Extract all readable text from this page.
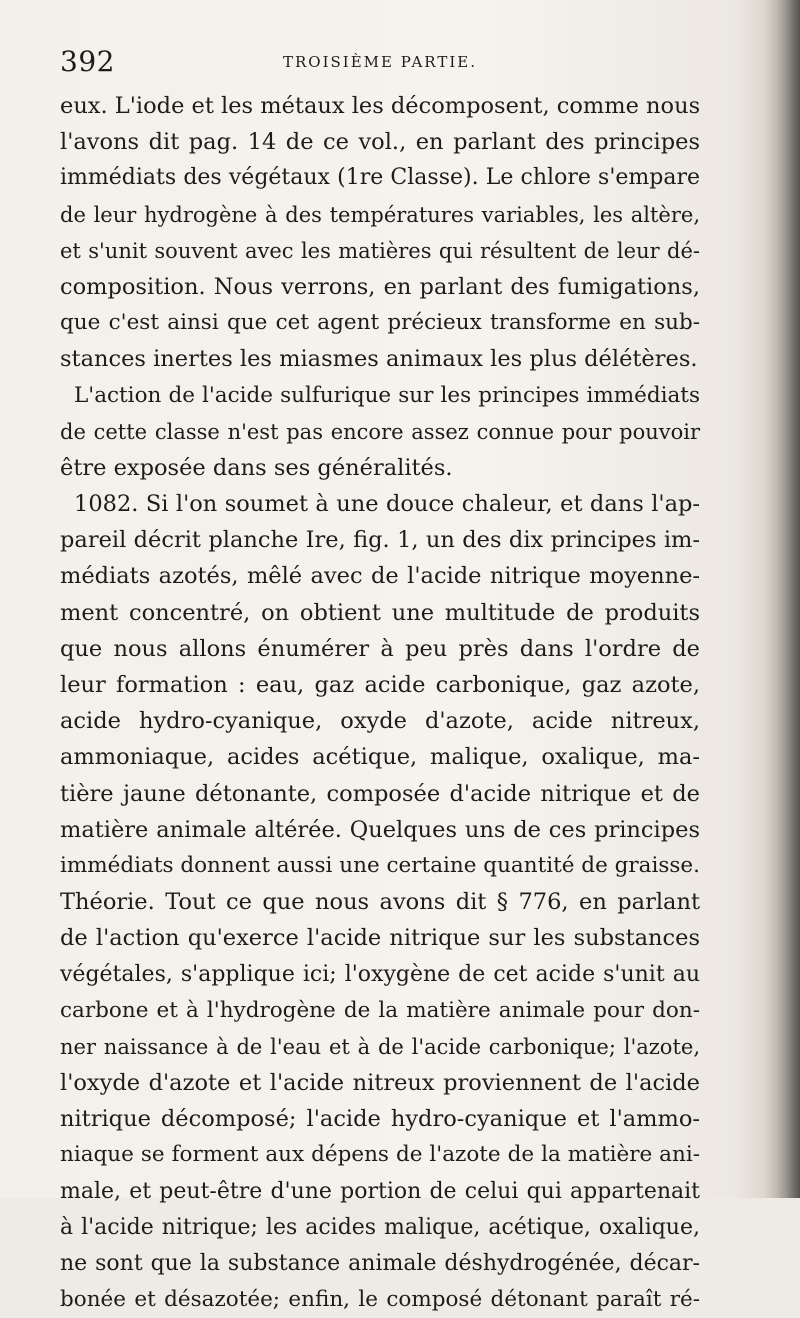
392	TROISIÈME PARTIE.
eux. L'iode et les métaux les décomposent, comme nous
l'avons dit pag. 14 de ce vol., en parlant des principes
immédiats des végétaux (1re Classe). Le chlore s'empare
de leur hydrogène à des températures variables, les altère,
et s'unit souvent avec les matières qui résultent de leur dé-
composition. Nous verrons, en parlant des fumigations,
que c'est ainsi que cet agent précieux transforme en sub-
stances inertes les miasmes animaux les plus délétères.
L'action de l'acide sulfurique sur les principes immédiats
de cette classe n'est pas encore assez connue pour pouvoir
être exposée dans ses généralités.
1082. Si l'on soumet à une douce chaleur, et dans l'ap-
pareil décrit planche Ire, fig. 1, un des dix principes im-
médiats azotés, mêlé avec de l'acide nitrique moyenne-
ment concentré, on obtient une multitude de produits
que nous allons énumérer à peu près dans l'ordre de
leur formation : eau, gaz acide carbonique, gaz azote,
acide hydro-cyanique, oxyde d'azote, acide nitreux,
ammoniaque, acides acétique, malique, oxalique, ma-
tière jaune détonante, composée d'acide nitrique et de
matière animale altérée. Quelques uns de ces principes
immédiats donnent aussi une certaine quantité de graisse.
Théorie. Tout ce que nous avons dit § 776, en parlant
de l'action qu'exerce l'acide nitrique sur les substances
végétales, s'applique ici; l'oxygène de cet acide s'unit au
carbone et à l'hydrogène de la matière animale pour don-
ner naissance à de l'eau et à de l'acide carbonique; l'azote,
l'oxyde d'azote et l'acide nitreux proviennent de l'acide
nitrique décomposé; l'acide hydro-cyanique et l'ammo-
niaque se forment aux dépens de l'azote de la matière ani-
male, et peut-être d'une portion de celui qui appartenait
à l'acide nitrique; les acides malique, acétique, oxalique,
ne sont que la substance animale déshydrogénée, décar-
bonée et désazotée; enfin, le composé détonant paraît ré-
